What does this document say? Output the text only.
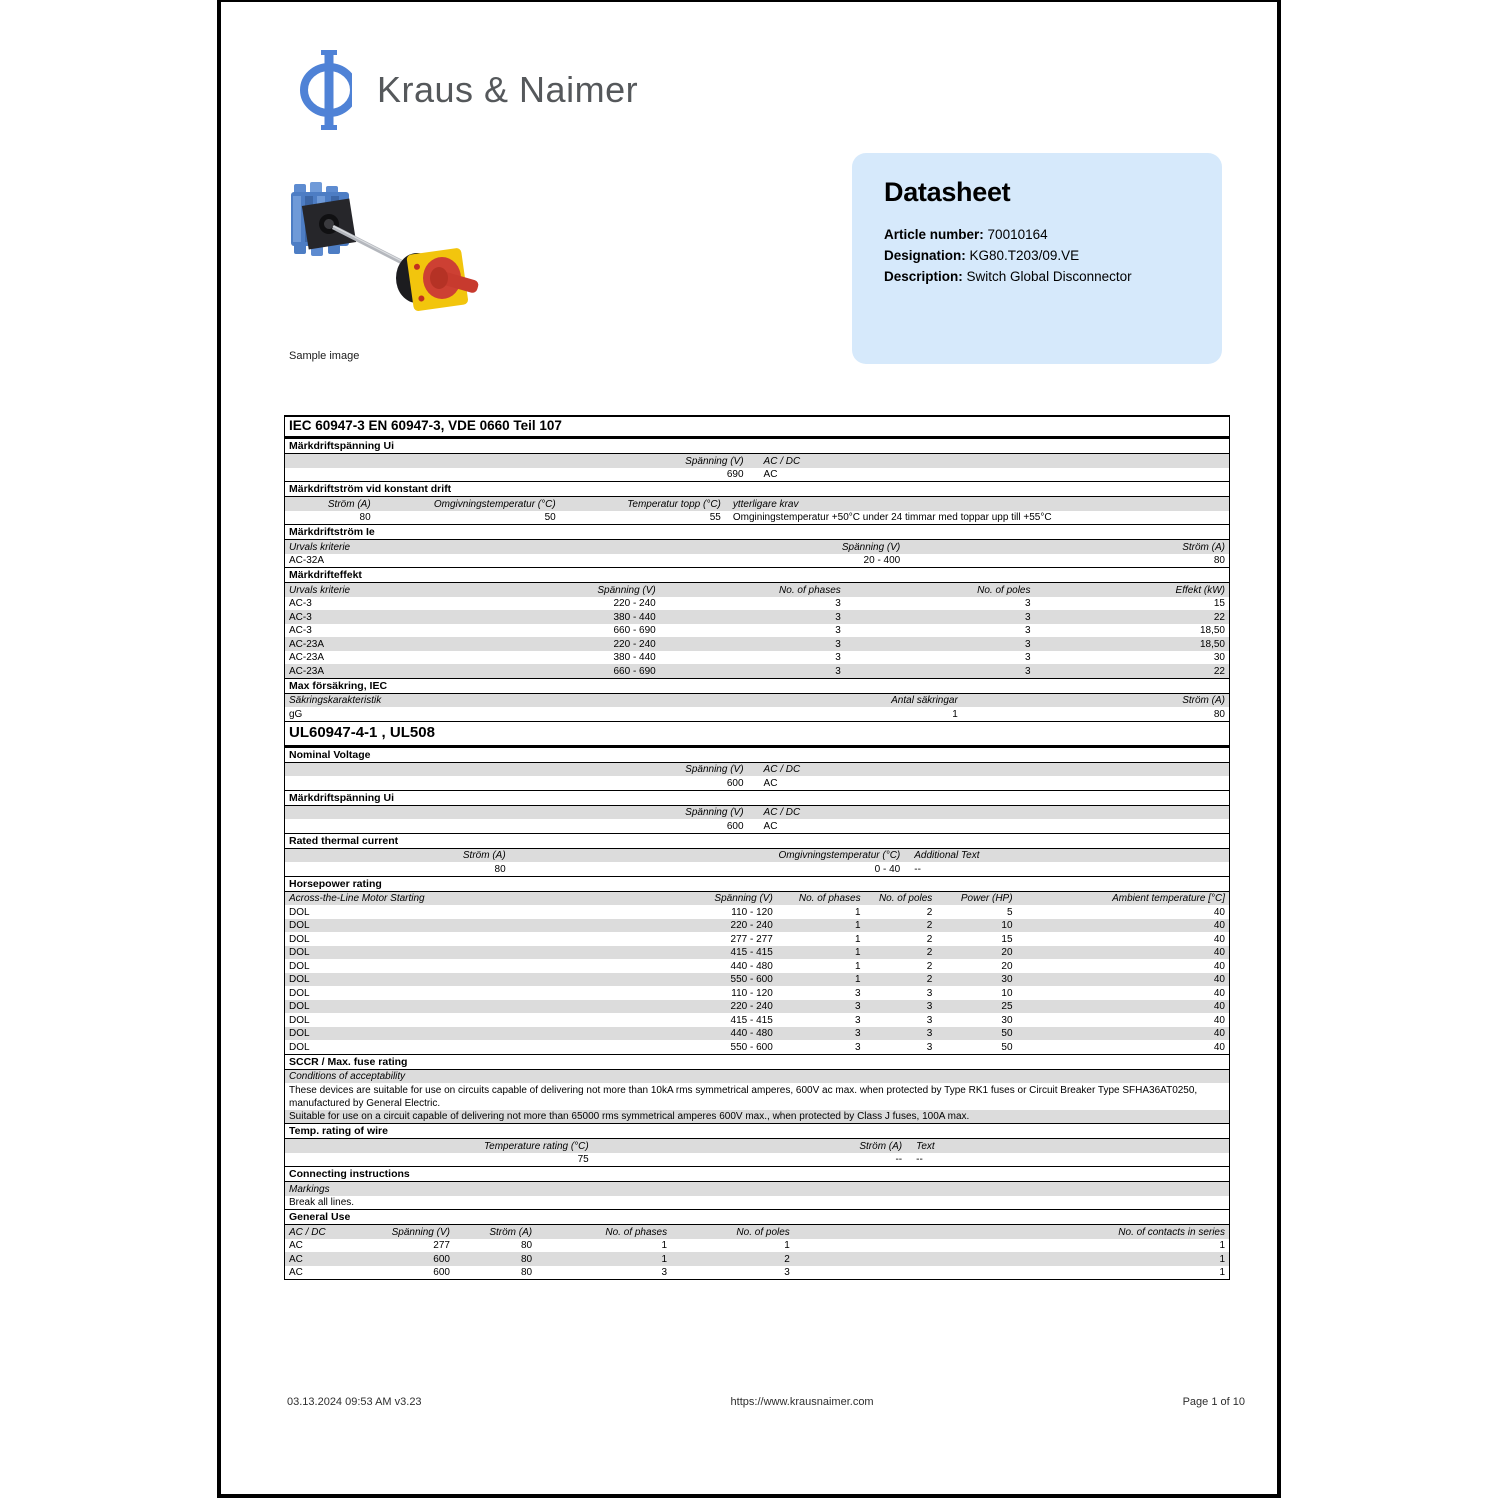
Kraus & Naimer
Sample image
Datasheet
Article number: 70010164
Designation: KG80.T203/09.VE
Description: Switch Global Disconnector
IEC 60947-3 EN 60947-3, VDE 0660 Teil 107
Märkdriftspänning Ui
Spänning (V)	AC / DC
690	AC
Märkdriftström vid konstant drift
Ström (A)	Omgivningstemperatur (°C)	Temperatur topp (°C)	ytterligare krav
80	50	55	Omginingstemperatur +50°C under 24 timmar med toppar upp till +55°C
Märkdriftström Ie
Urvals kriterie	Spänning (V)	Ström (A)
AC-32A	20 - 400	80
Märkdrifteffekt
Urvals kriterie	Spänning (V)	No. of phases	No. of poles	Effekt (kW)
AC-3	220 - 240	3	3	15
AC-3	380 - 440	3	3	22
AC-3	660 - 690	3	3	18,50
AC-23A	220 - 240	3	3	18,50
AC-23A	380 - 440	3	3	30
AC-23A	660 - 690	3	3	22
Max försäkring, IEC
Säkringskarakteristik	Antal säkringar	Ström (A)
gG	1	80
UL60947-4-1 , UL508
Nominal Voltage
Spänning (V)	AC / DC
600	AC
Märkdriftspänning Ui
Spänning (V)	AC / DC
600	AC
Rated thermal current
Ström (A)	Omgivningstemperatur (°C)	Additional Text
80	0 - 40	--
Horsepower rating
Across-the-Line Motor Starting	Spänning (V)	No. of phases	No. of poles	Power (HP)	Ambient temperature [°C]
DOL	110 - 120	1	2	5	40
DOL	220 - 240	1	2	10	40
DOL	277 - 277	1	2	15	40
DOL	415 - 415	1	2	20	40
DOL	440 - 480	1	2	20	40
DOL	550 - 600	1	2	30	40
DOL	110 - 120	3	3	10	40
DOL	220 - 240	3	3	25	40
DOL	415 - 415	3	3	30	40
DOL	440 - 480	3	3	50	40
DOL	550 - 600	3	3	50	40
SCCR / Max. fuse rating
Conditions of acceptability
These devices are suitable for use on circuits capable of delivering not more than 10kA rms symmetrical amperes, 600V ac max. when protected by Type RK1 fuses or Circuit Breaker Type SFHA36AT0250, manufactured by General Electric.
Suitable for use on a circuit capable of delivering not more than 65000 rms symmetrical amperes 600V max., when protected by Class J fuses, 100A max.
Temp. rating of wire
Temperature rating (°C)	Ström (A)	Text
75	--	--
Connecting instructions
Markings
Break all lines.
General Use
AC / DC	Spänning (V)	Ström (A)	No. of phases	No. of poles	No. of contacts in series
AC	277	80	1	1	1
AC	600	80	1	2	1
AC	600	80	3	3	1
03.13.2024 09:53 AM v3.23	https://www.krausnaimer.com	Page 1 of 10
